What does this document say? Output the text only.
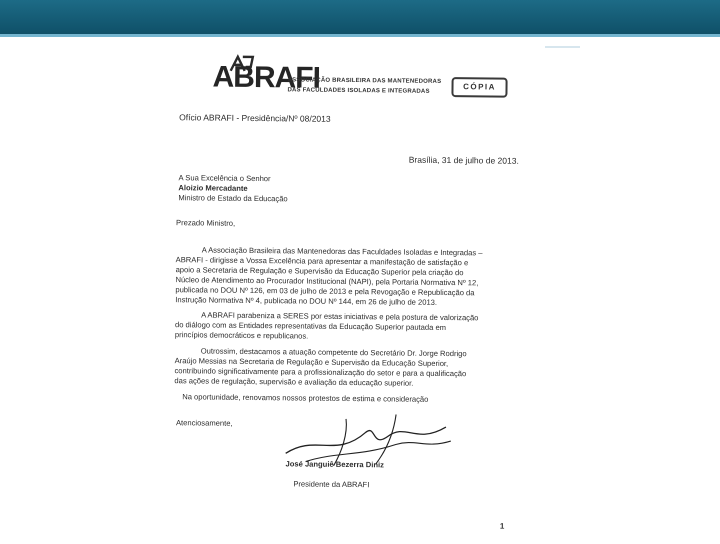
ABRAFI
ASSOCIAÇÃO BRASILEIRA DAS MANTENEDORAS
DAS FACULDADES ISOLADAS E INTEGRADAS	CÓPIA
Ofício ABRAFI - Presidência/Nº 08/2013
Brasília, 31 de julho de 2013.
A Sua Excelência o Senhor
Aloizio Mercadante
Ministro de Estado da Educação
Prezado Ministro,
A Associação Brasileira das Mantenedoras das Faculdades Isoladas e Integradas –
ABRAFI - dirigisse a Vossa Excelência para apresentar a manifestação de satisfação e
apoio a Secretaria de Regulação e Supervisão da Educação Superior pela criação do
Núcleo de Atendimento ao Procurador Institucional (NAPI), pela Portaria Normativa Nº 12,
publicada no DOU Nº 126, em 03 de julho de 2013 e pela Revogação e Republicação da
Instrução Normativa Nº 4, publicada no DOU Nº 144, em 26 de julho de 2013.
A ABRAFI parabeniza a SERES por estas iniciativas e pela postura de valorização
do diálogo com as Entidades representativas da Educação Superior pautada em
princípios democráticos e republicanos.
Outrossim, destacamos a atuação competente do Secretário Dr. Jorge Rodrigo
Araújo Messias na Secretaria de Regulação e Supervisão da Educação Superior,
contribuindo significativamente para a profissionalização do setor e para a qualificação
das ações de regulação, supervisão e avaliação da educação superior.
Na oportunidade, renovamos nossos protestos de estima e consideração
Atenciosamente,
José Janguiê Bezerra Diniz
Presidente da ABRAFI
1
